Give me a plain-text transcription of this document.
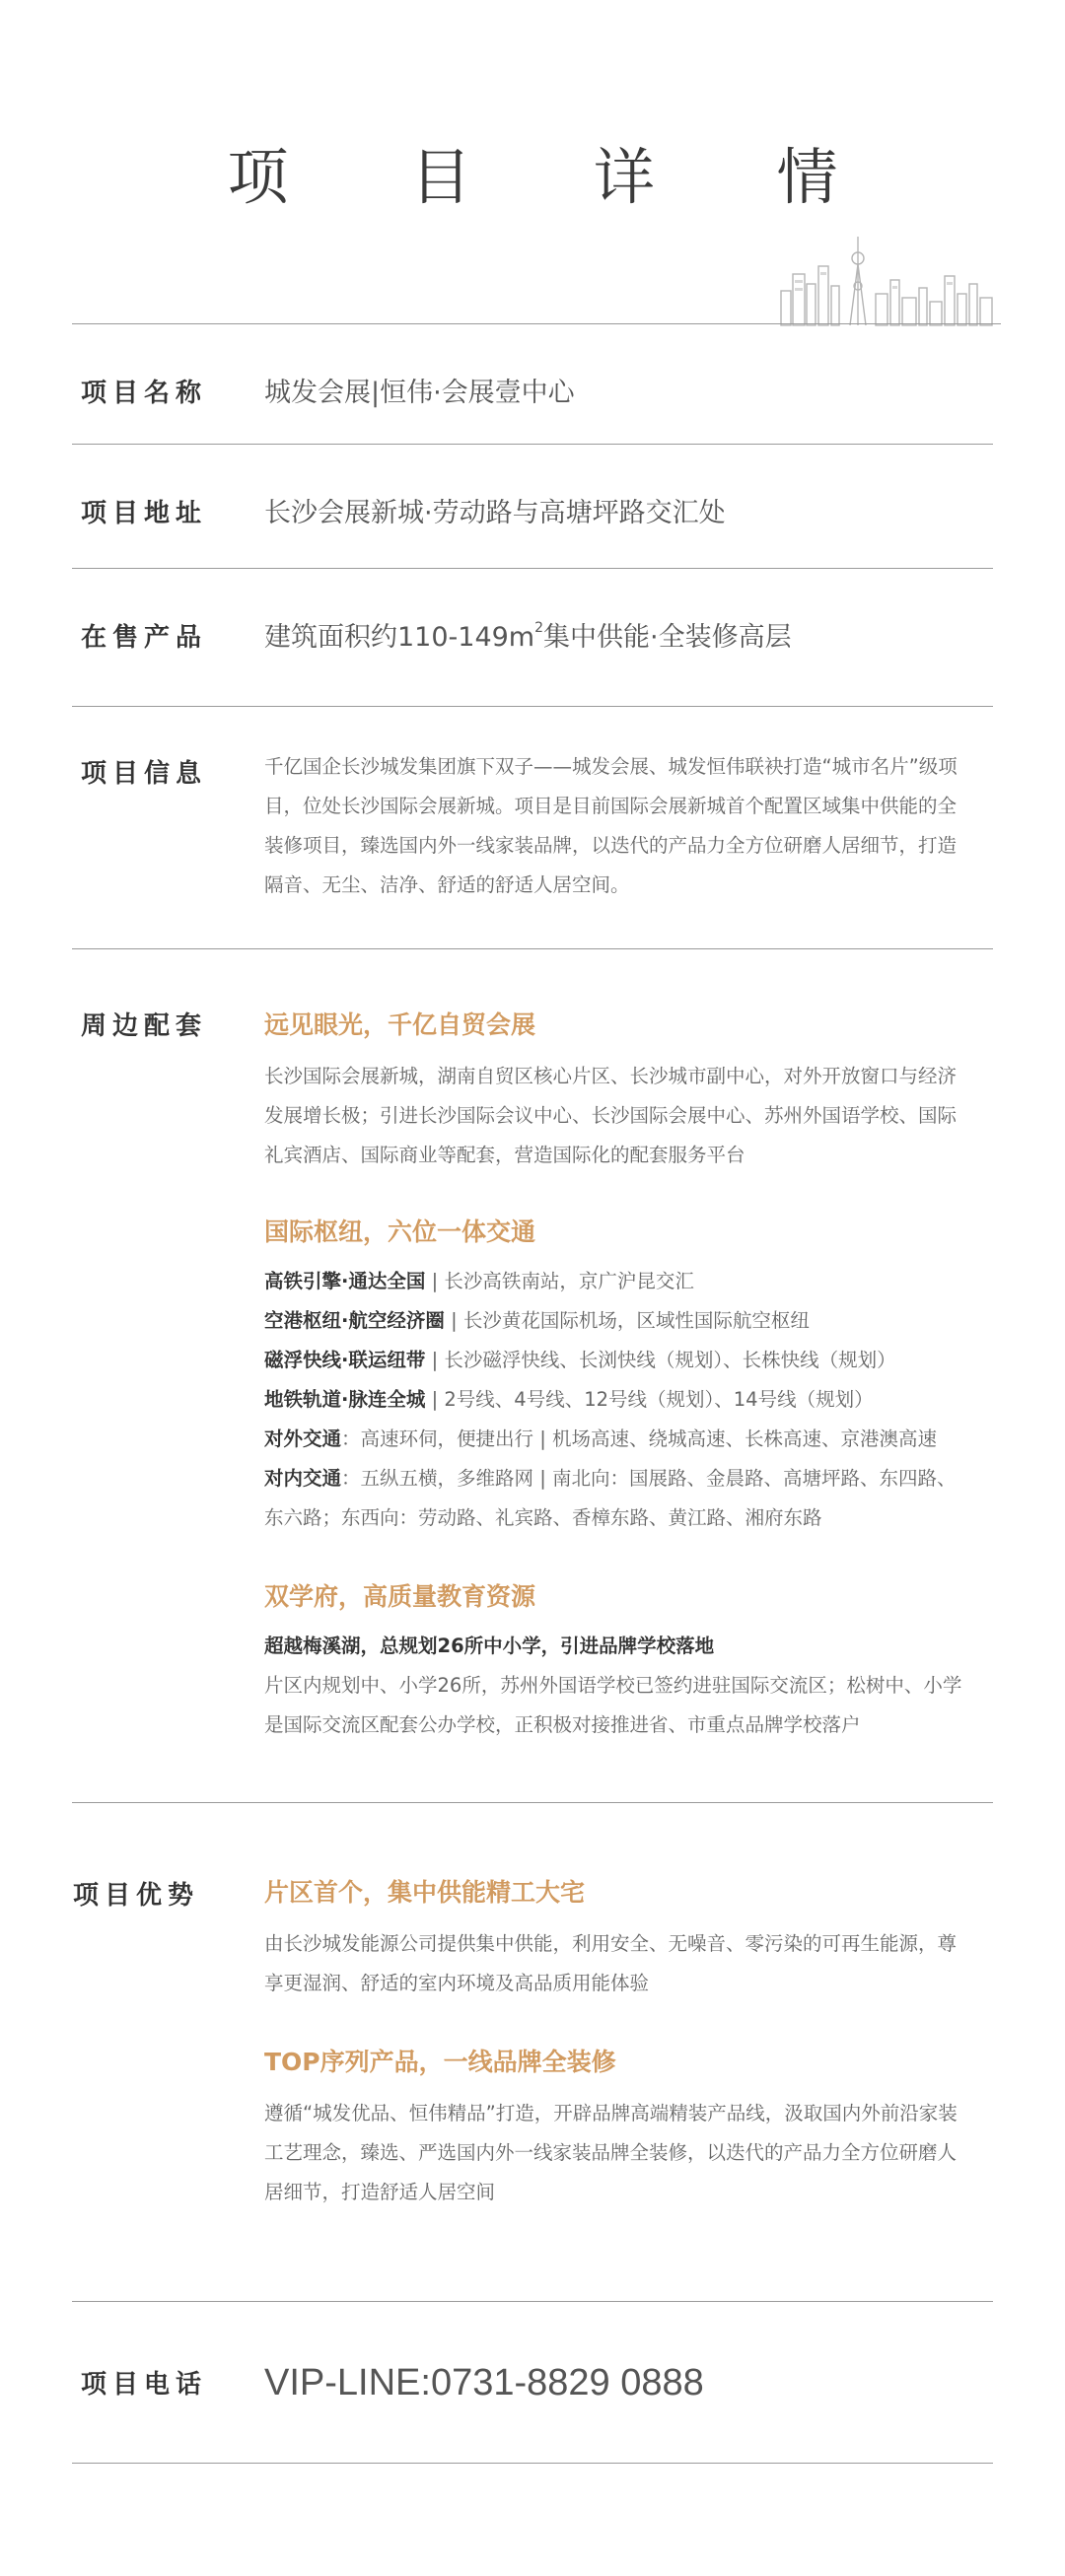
项 目 详 情
项目名称 城发会展|恒伟·会展壹中心
项目地址 长沙会展新城·劳动路与高塘坪路交汇处
在售产品 建筑面积约$110-149m^2$集中供能·全装修高层
项目信息	千亿国企长沙城发集团旗下双子——城发会展、城发恒伟联袂打造“城市名片”级项
目，位处长沙国际会展新城。项目是目前国际会展新城首个配置区域集中供能的全
装修项目，臻选国内外一线家装品牌，以迭代的产品力全方位研磨人居细节，打造
隔音、无尘、洁净、舒适的舒适人居空间。
周边配套 远见眼光，千亿自贸会展
长沙国际会展新城，湖南自贸区核心片区、长沙城市副中心，对外开放窗口与经济
发展增长极；引进长沙国际会议中心、长沙国际会展中心、苏州外国语学校、国际
礼宾酒店、国际商业等配套，营造国际化的配套服务平台
国际枢纽，六位一体交通
高铁引擎·通达全国 | 长沙高铁南站，京广沪昆交汇
空港枢纽·航空经济圈 | 长沙黄花国际机场，区域性国际航空枢纽
磁浮快线·联运纽带 | 长沙磁浮快线、长浏快线（规划）、长株快线（规划）
地铁轨道·脉连全城 | 2号线、4号线、12号线（规划）、14号线（规划）
对外交通：高速环伺，便捷出行 | 机场高速、绕城高速、长株高速、京港澳高速
对内交通：五纵五横，多维路网 | 南北向：国展路、金晨路、高塘坪路、东四路、
东六路；东西向：劳动路、礼宾路、香樟东路、黄江路、湘府东路
双学府，高质量教育资源
超越梅溪湖，总规划26所中小学，引进品牌学校落地
片区内规划中、小学26所，苏州外国语学校已签约进驻国际交流区；松树中、小学
是国际交流区配套公办学校，正积极对接推进省、市重点品牌学校落户
项目优势	片区首个，集中供能精工大宅
由长沙城发能源公司提供集中供能，利用安全、无噪音、零污染的可再生能源，尊
享更湿润、舒适的室内环境及高品质用能体验
TOP序列产品，一线品牌全装修
遵循“城发优品、恒伟精品”打造，开辟品牌高端精装产品线，汲取国内外前沿家装
工艺理念，臻选、严选国内外一线家装品牌全装修，以迭代的产品力全方位研磨人
居细节，打造舒适人居空间
项目电话 VIP-LINE:0731-8829 0888
